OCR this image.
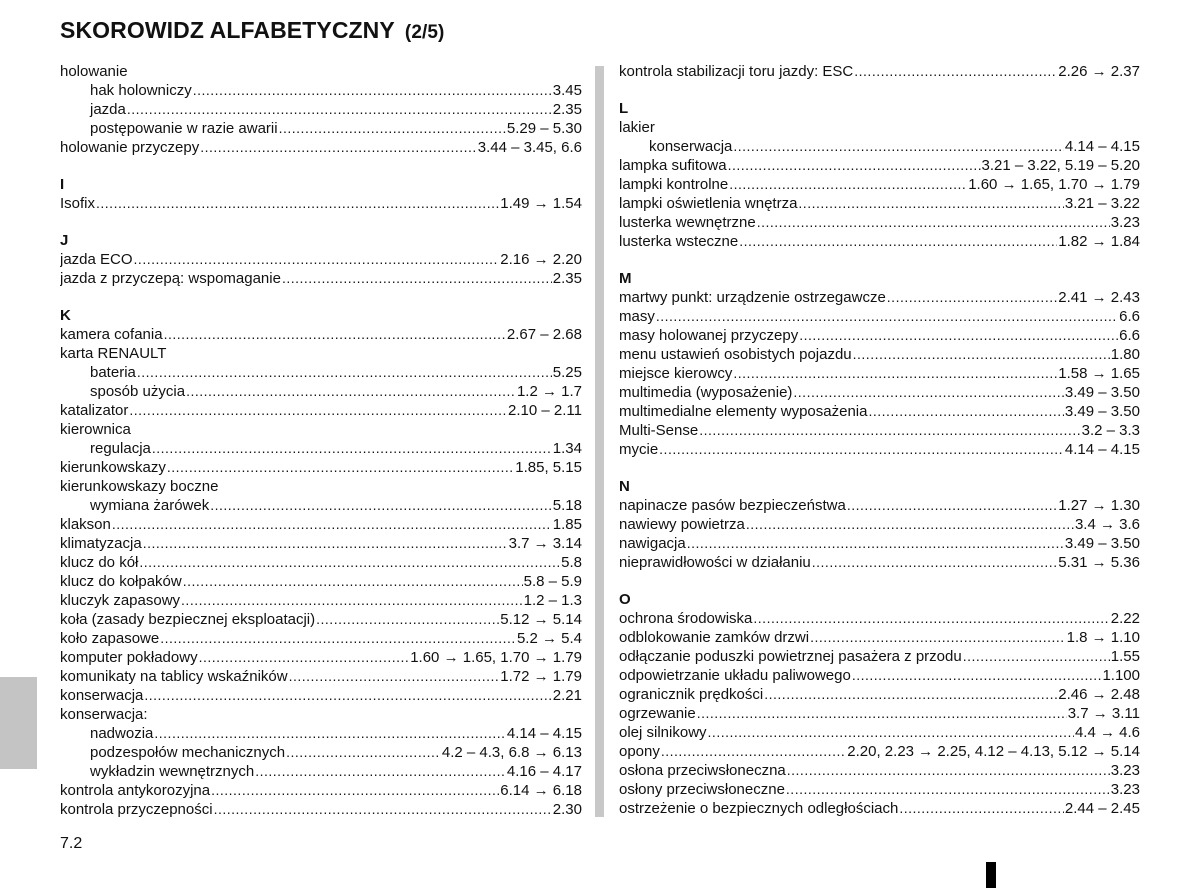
SKOROWIDZ ALFABETYCZNY (2/5)
holowanie
hak holowniczy .....	3.45
jazda .....	2.35
postępowanie w razie awarii .....	5.29 – 5.30
holowanie przyczepy .....	3.44 – 3.45, 6.6
I
Isofix .....	1.49 → 1.54
J
jazda ECO .....	2.16 → 2.20
jazda z przyczepą: wspomaganie .....	2.35
K
kamera cofania .....	2.67 – 2.68
karta RENAULT
bateria .....	5.25
sposób użycia .....	1.2 → 1.7
katalizator .....	2.10 – 2.11
kierownica
regulacja .....	1.34
kierunkowskazy .....	1.85, 5.15
kierunkowskazy boczne
wymiana żarówek .....	5.18
klakson .....	1.85
klimatyzacja .....	3.7 → 3.14
klucz do kół .....	5.8
klucz do kołpaków .....	5.8 – 5.9
kluczyk zapasowy .....	1.2 – 1.3
koła (zasady bezpiecznej eksploatacji) .....	5.12 → 5.14
koło zapasowe .....	5.2 → 5.4
komputer pokładowy .....	1.60 → 1.65, 1.70 → 1.79
komunikaty na tablicy wskaźników .....	1.72 → 1.79
konserwacja .....	2.21
konserwacja:
nadwozia .....	4.14 – 4.15
podzespołów mechanicznych .....	4.2 – 4.3, 6.8 → 6.13
wykładzin wewnętrznych .....	4.16 – 4.17
kontrola antykorozyjna .....	6.14 → 6.18
kontrola przyczepności .....	2.30
kontrola stabilizacji toru jazdy: ESC .....	2.26 → 2.37
L
lakier
konserwacja .....	4.14 – 4.15
lampka sufitowa .....	3.21 – 3.22, 5.19 – 5.20
lampki kontrolne .....	1.60 → 1.65, 1.70 → 1.79
lampki oświetlenia wnętrza .....	3.21 – 3.22
lusterka wewnętrzne .....	3.23
lusterka wsteczne .....	1.82 → 1.84
M
martwy punkt: urządzenie ostrzegawcze .....	2.41 → 2.43
masy .....	6.6
masy holowanej przyczepy .....	6.6
menu ustawień osobistych pojazdu .....	1.80
miejsce kierowcy .....	1.58 → 1.65
multimedia (wyposażenie) .....	3.49 – 3.50
multimedialne elementy wyposażenia .....	3.49 – 3.50
Multi-Sense .....	3.2 – 3.3
mycie .....	4.14 – 4.15
N
napinacze pasów bezpieczeństwa .....	1.27 → 1.30
nawiewy powietrza .....	3.4 → 3.6
nawigacja .....	3.49 – 3.50
nieprawidłowości w działaniu .....	5.31 → 5.36
O
ochrona środowiska .....	2.22
odblokowanie zamków drzwi .....	1.8 → 1.10
odłączanie poduszki powietrznej pasażera z przodu .....	1.55
odpowietrzanie układu paliwowego .....	1.100
ogranicznik prędkości .....	2.46 → 2.48
ogrzewanie .....	3.7 → 3.11
olej silnikowy .....	4.4 → 4.6
opony .....	2.20, 2.23 → 2.25, 4.12 – 4.13, 5.12 → 5.14
osłona przeciwsłoneczna .....	3.23
osłony przeciwsłoneczne .....	3.23
ostrzeżenie o bezpiecznych odległościach .....	2.44 – 2.45
7.2
